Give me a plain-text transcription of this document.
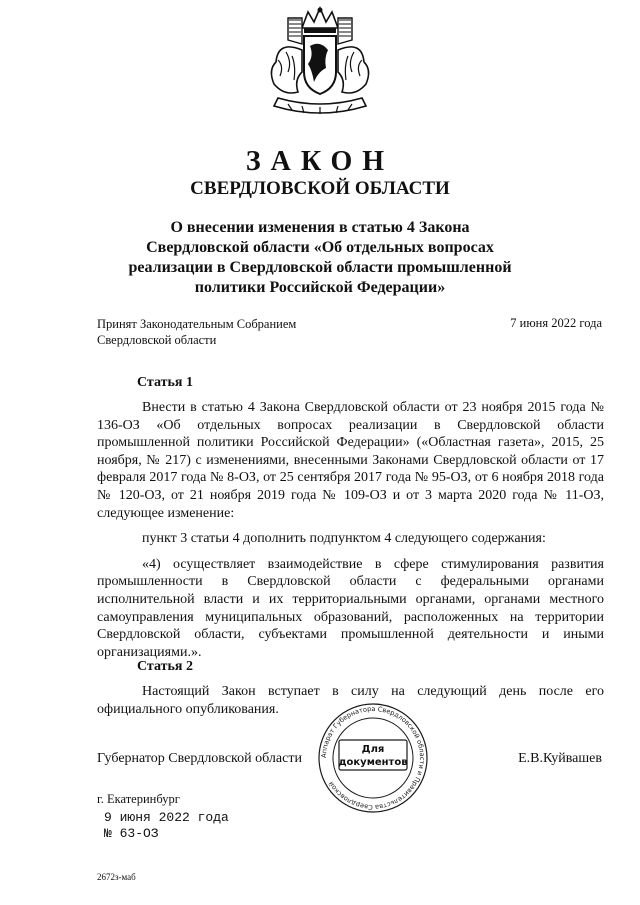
ЗАКОН
СВЕРДЛОВСКОЙ ОБЛАСТИ
О внесении изменения в статью 4 Закона
Свердловской области «Об отдельных вопросах
реализации в Свердловской области промышленной
политики Российской Федерации»
Принят Законодательным Собранием
Свердловской области
7 июня 2022 года
Статья 1

Внести в статью 4 Закона Свердловской области от 23 ноября 2015 года № 136-ОЗ «Об отдельных вопросах реализации в Свердловской области промышленной политики Российской Федерации» («Областная газета», 2015, 25 ноября, № 217) с изменениями, внесенными Законами Свердловской области от 17 февраля 2017 года № 8-ОЗ, от 25 сентября 2017 года № 95-ОЗ, от 6 ноября 2018 года № 120-ОЗ, от 21 ноября 2019 года № 109-ОЗ и от 3 марта 2020 года № 11-ОЗ, следующее изменение:

пункт 3 статьи 4 дополнить подпунктом 4 следующего содержания:

«4) осуществляет взаимодействие в сфере стимулирования развития промышленности в Свердловской области с федеральными органами исполнительной власти и их территориальными органами, органами местного самоуправления муниципальных образований, расположенных на территории Свердловской области, субъектами промышленной деятельности и иными организациями.».

Статья 2

Настоящий Закон вступает в силу на следующий день после его официального опубликования.

Губернатор Свердловской области	Е.В.Куйвашев
Аппарат Губернатора Свердловской области и Правительства Свердловской
Для
документов
г. Екатеринбург
9 июня 2022 года
№ 63-ОЗ
2672з-маб
